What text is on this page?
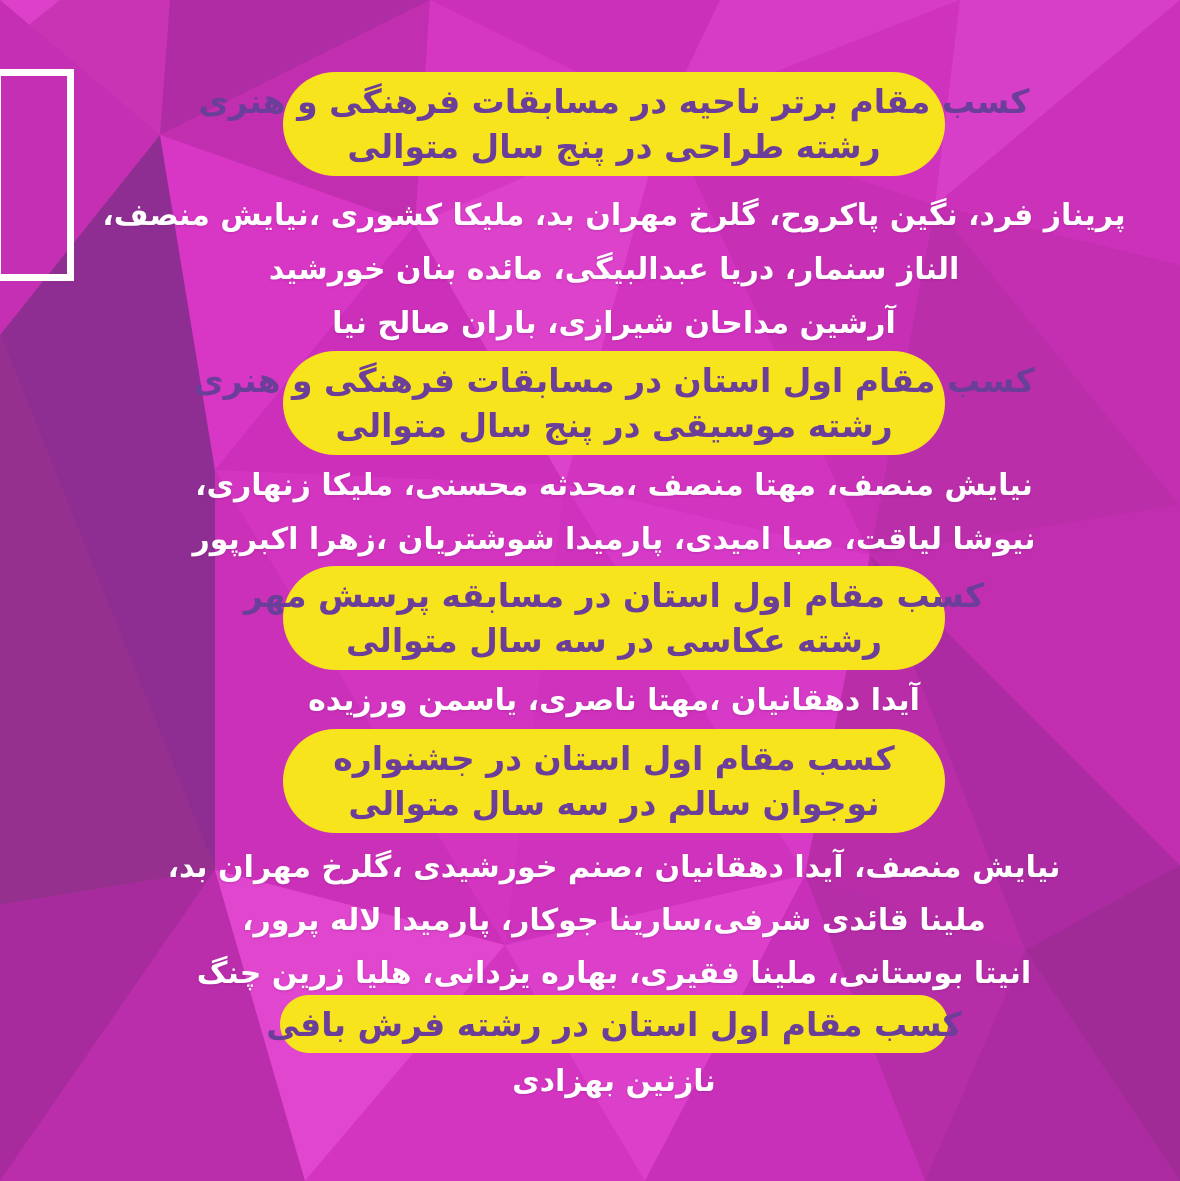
کسب مقام برتر ناحیه در مسابقات فرهنگی و هنری
رشته طراحی در پنج سال متوالی
پریناز فرد، نگین پاکروح، گلرخ مهران بد، ملیکا کشوری ،نیایش منصف،
الناز سنمار، دریا عبدالبیگی، مائده بنان خورشید
آرشین مداحان شیرازی، باران صالح نیا
کسب مقام اول استان در مسابقات فرهنگی و هنری
رشته موسیقی در پنج سال متوالی
نیایش منصف، مهتا منصف ،محدثه محسنی، ملیکا زنهاری،
نیوشا لیاقت، صبا امیدی، پارمیدا شوشتریان ،زهرا اکبرپور
کسب مقام اول استان در مسابقه پرسش مهر
رشته عکاسی در سه سال متوالی
آیدا دهقانیان ،مهتا ناصری، یاسمن ورزیده
کسب مقام اول استان در جشنواره
نوجوان سالم در سه سال متوالی
نیایش منصف، آیدا دهقانیان ،صنم خورشیدی ،گلرخ مهران بد،
ملینا قائدی شرفی،سارینا جوکار، پارمیدا لاله پرور،
انیتا بوستانی، ملینا فقیری، بهاره یزدانی، هلیا زرین چنگ
کسب مقام اول استان در رشته فرش بافی
نازنین بهزادی
